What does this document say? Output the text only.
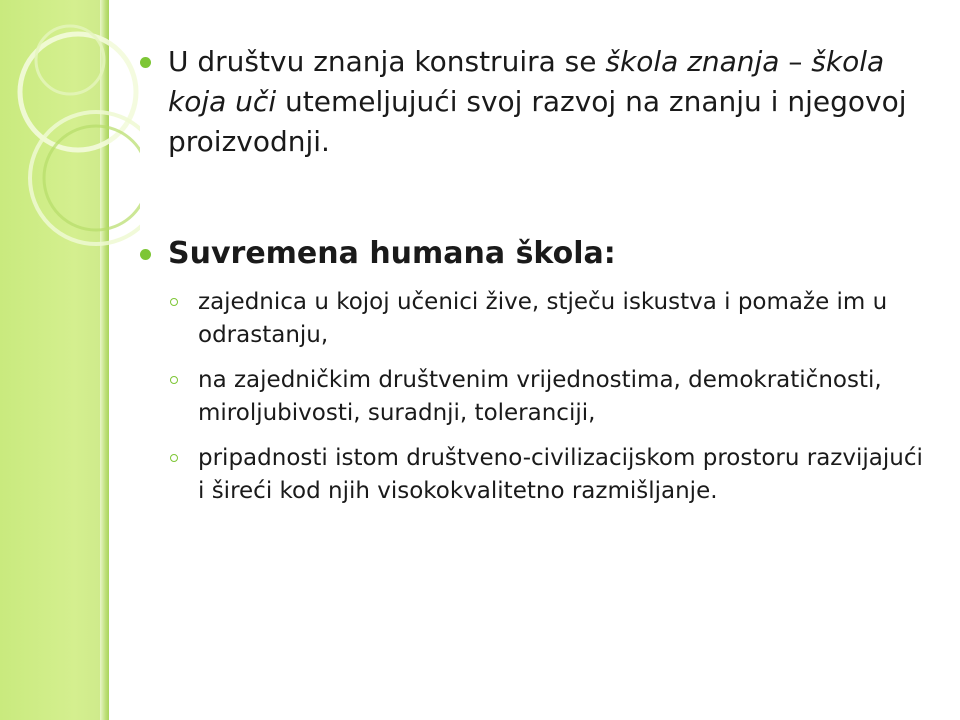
U društvu znanja konstruira se škola znanja – škola koja uči utemeljujući svoj razvoj na znanju i njegovoj proizvodnji.
Suvremena humana škola:
zajednica u kojoj učenici žive, stječu iskustva i pomaže im u odrastanju,
na zajedničkim društvenim vrijednostima, demokratičnosti, miroljubivosti, suradnji, toleranciji,
pripadnosti istom društveno-civilizacijskom prostoru razvijajući i šireći kod njih visokokvalitetno razmišljanje.
